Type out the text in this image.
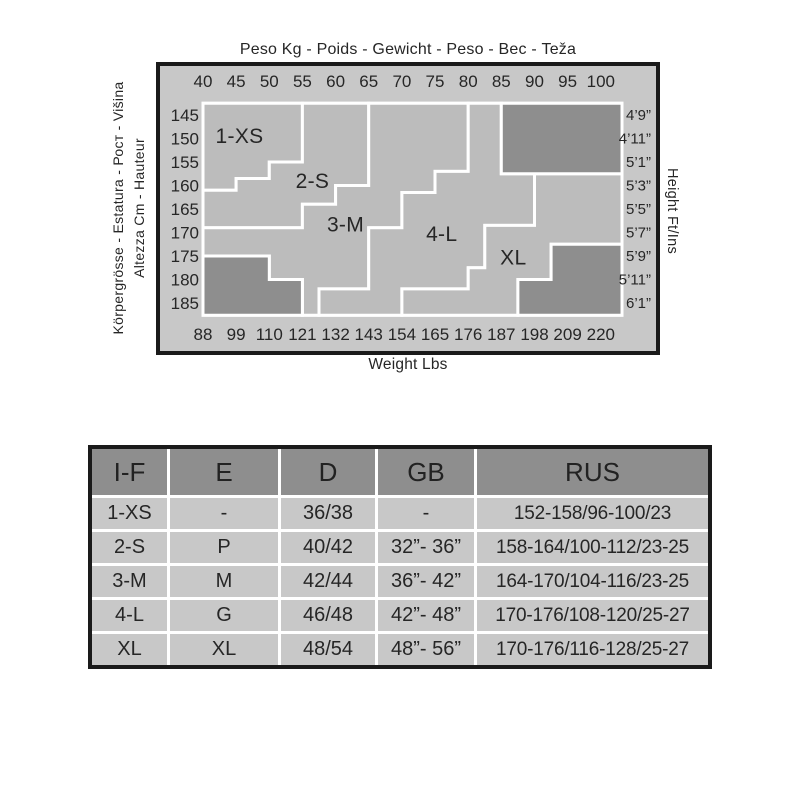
Peso Kg - Poids - Gewicht - Peso - Вес - Teža
1-XS
2-S
3-M	4-L
XL
40
88
45
99
50
110
55
121
60
132
65
143
70
154
75
165
80
176
85
187
90
198
95
209
100
220
145	4’9”
150	4’11”
155	5’1”
160	5’3”
165	5’5”
170	5’7”
175	5’9”
180	5’11”
185	6’1”
Körpergrösse - Estatura - Рост - Višina Altezza Cm - Hauteur	Height Ft/Ins
Weight Lbs
I-F	E	D	GB	RUS
1-XS	-	36/38	-	152-158/96-100/23
2-S	P	40/42	32”- 36”	158-164/100-112/23-25
3-M	M	42/44	36”- 42”	164-170/104-116/23-25
4-L	G	46/48	42”- 48”	170-176/108-120/25-27
XL	XL	48/54	48”- 56”	170-176/116-128/25-27
